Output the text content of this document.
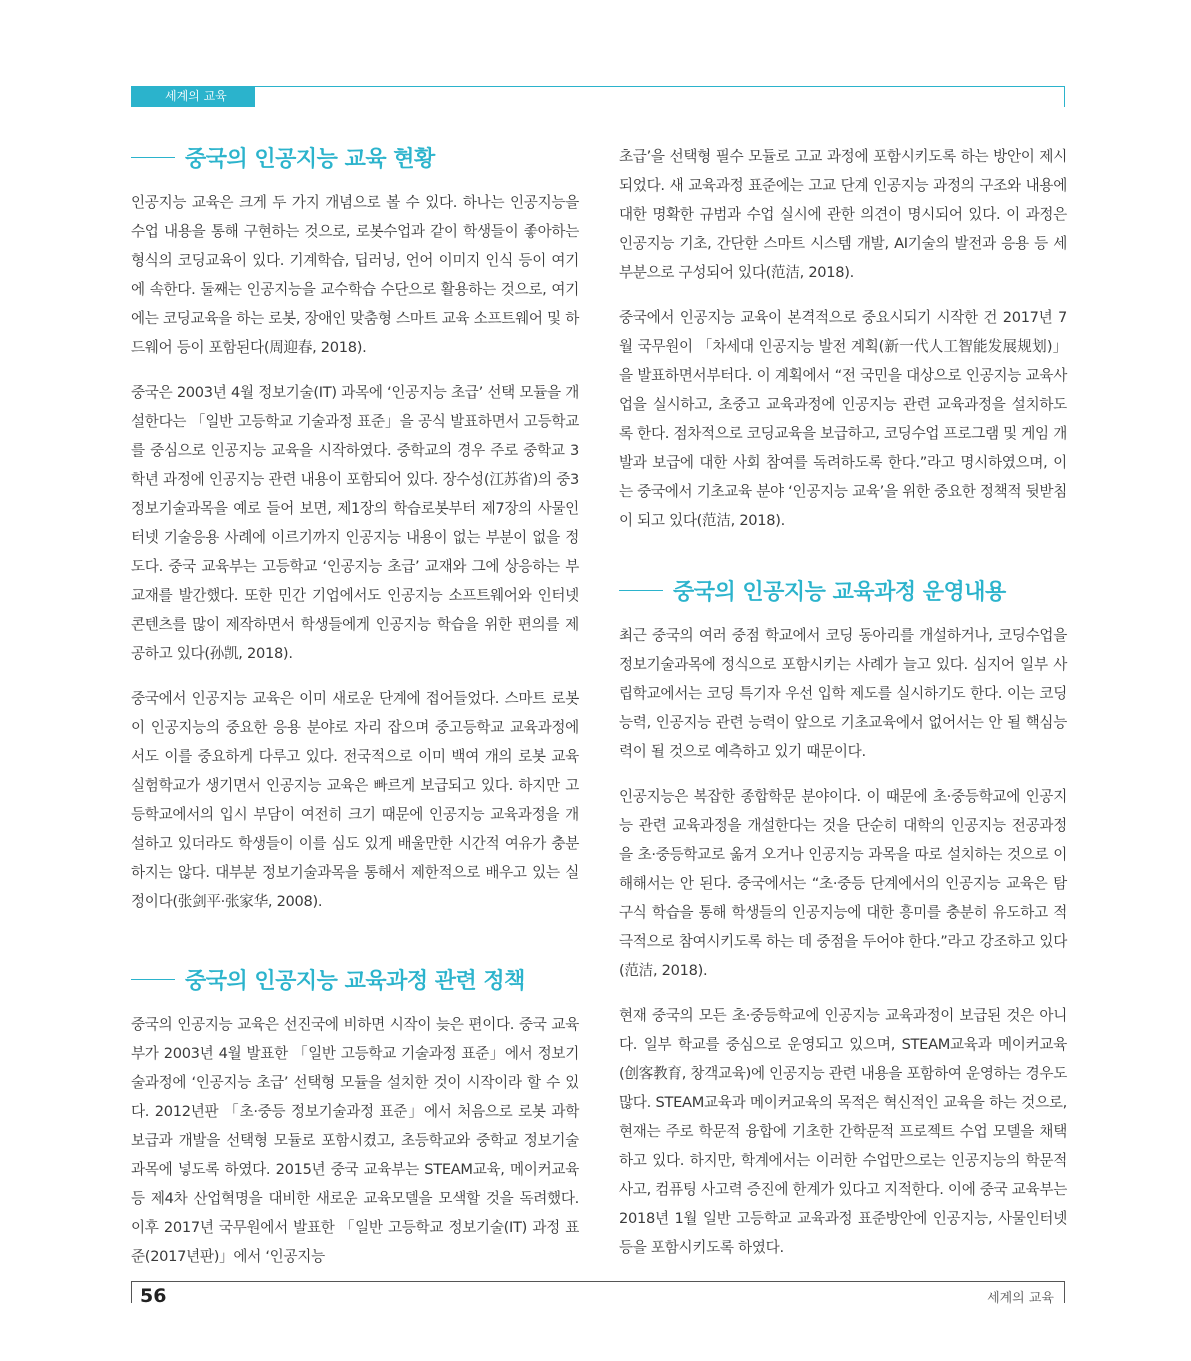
세계의 교육
중국의 인공지능 교육 현황

인공지능 교육은 크게 두 가지 개념으로 볼 수 있다. 하나는 인공지능을 수업 내용을 통해 구현하는 것으로, 로봇수업과 같이 학생들이 좋아하는 형식의 코딩교육이 있다. 기계학습, 딥러닝, 언어 이미지 인식 등이 여기에 속한다. 둘째는 인공지능을 교수학습 수단으로 활용하는 것으로, 여기에는 코딩교육을 하는 로봇, 장애인 맞춤형 스마트 교육 소프트웨어 및 하드웨어 등이 포함된다(周迎春, 2018).

중국은 2003년 4월 정보기술(IT) 과목에 ‘인공지능 초급’ 선택 모듈을 개설한다는 「일반 고등학교 기술과정 표준」을 공식 발표하면서 고등학교를 중심으로 인공지능 교육을 시작하였다. 중학교의 경우 주로 중학교 3학년 과정에 인공지능 관련 내용이 포함되어 있다. 장수성(江苏省)의 중3 정보기술과목을 예로 들어 보면, 제1장의 학습로봇부터 제7장의 사물인터넷 기술응용 사례에 이르기까지 인공지능 내용이 없는 부분이 없을 정도다. 중국 교육부는 고등학교 ‘인공지능 초급’ 교재와 그에 상응하는 부교재를 발간했다. 또한 민간 기업에서도 인공지능 소프트웨어와 인터넷 콘텐츠를 많이 제작하면서 학생들에게 인공지능 학습을 위한 편의를 제공하고 있다(孙凯, 2018).

중국에서 인공지능 교육은 이미 새로운 단계에 접어들었다. 스마트 로봇이 인공지능의 중요한 응용 분야로 자리 잡으며 중고등학교 교육과정에서도 이를 중요하게 다루고 있다. 전국적으로 이미 백여 개의 로봇 교육 실험학교가 생기면서 인공지능 교육은 빠르게 보급되고 있다. 하지만 고등학교에서의 입시 부담이 여전히 크기 때문에 인공지능 교육과정을 개설하고 있더라도 학생들이 이를 심도 있게 배울만한 시간적 여유가 충분하지는 않다. 대부분 정보기술과목을 통해서 제한적으로 배우고 있는 실정이다(张剑平·张家华, 2008).

중국의 인공지능 교육과정 관련 정책

중국의 인공지능 교육은 선진국에 비하면 시작이 늦은 편이다. 중국 교육부가 2003년 4월 발표한 「일반 고등학교 기술과정 표준」에서 정보기술과정에 ‘인공지능 초급’ 선택형 모듈을 설치한 것이 시작이라 할 수 있다. 2012년판 「초·중등 정보기술과정 표준」에서 처음으로 로봇 과학보급과 개발을 선택형 모듈로 포함시켰고, 초등학교와 중학교 정보기술과목에 넣도록 하였다. 2015년 중국 교육부는 STEAM교육, 메이커교육 등 제4차 산업혁명을 대비한 새로운 교육모델을 모색할 것을 독려했다. 이후 2017년 국무원에서 발표한 「일반 고등학교 정보기술(IT) 과정 표준(2017년판)」에서 ‘인공지능

초급’을 선택형 필수 모듈로 고교 과정에 포함시키도록 하는 방안이 제시되었다. 새 교육과정 표준에는 고교 단계 인공지능 과정의 구조와 내용에 대한 명확한 규범과 수업 실시에 관한 의견이 명시되어 있다. 이 과정은 인공지능 기초, 간단한 스마트 시스템 개발, AI기술의 발전과 응용 등 세 부분으로 구성되어 있다(范洁, 2018).

중국에서 인공지능 교육이 본격적으로 중요시되기 시작한 건 2017년 7월 국무원이 「차세대 인공지능 발전 계획(新一代人工智能发展规划)」을 발표하면서부터다. 이 계획에서 “전 국민을 대상으로 인공지능 교육사업을 실시하고, 초중고 교육과정에 인공지능 관련 교육과정을 설치하도록 한다. 점차적으로 코딩교육을 보급하고, 코딩수업 프로그램 및 게임 개발과 보급에 대한 사회 참여를 독려하도록 한다.”라고 명시하였으며, 이는 중국에서 기초교육 분야 ‘인공지능 교육’을 위한 중요한 정책적 뒷받침이 되고 있다(范洁, 2018).

중국의 인공지능 교육과정 운영내용

최근 중국의 여러 중점 학교에서 코딩 동아리를 개설하거나, 코딩수업을 정보기술과목에 정식으로 포함시키는 사례가 늘고 있다. 심지어 일부 사립학교에서는 코딩 특기자 우선 입학 제도를 실시하기도 한다. 이는 코딩 능력, 인공지능 관련 능력이 앞으로 기초교육에서 없어서는 안 될 핵심능력이 될 것으로 예측하고 있기 때문이다.

인공지능은 복잡한 종합학문 분야이다. 이 때문에 초·중등학교에 인공지능 관련 교육과정을 개설한다는 것을 단순히 대학의 인공지능 전공과정을 초·중등학교로 옮겨 오거나 인공지능 과목을 따로 설치하는 것으로 이해해서는 안 된다. 중국에서는 “초·중등 단계에서의 인공지능 교육은 탐구식 학습을 통해 학생들의 인공지능에 대한 흥미를 충분히 유도하고 적극적으로 참여시키도록 하는 데 중점을 두어야 한다.”라고 강조하고 있다(范洁, 2018).

현재 중국의 모든 초·중등학교에 인공지능 교육과정이 보급된 것은 아니다. 일부 학교를 중심으로 운영되고 있으며, STEAM교육과 메이커교육(创客教育, 창객교육)에 인공지능 관련 내용을 포함하여 운영하는 경우도 많다. STEAM교육과 메이커교육의 목적은 혁신적인 교육을 하는 것으로, 현재는 주로 학문적 융합에 기초한 간학문적 프로젝트 수업 모델을 채택하고 있다. 하지만, 학계에서는 이러한 수업만으로는 인공지능의 학문적 사고, 컴퓨팅 사고력 증진에 한계가 있다고 지적한다. 이에 중국 교육부는 2018년 1월 일반 고등학교 교육과정 표준방안에 인공지능, 사물인터넷 등을 포함시키도록 하였다.

56	세계의 교육
